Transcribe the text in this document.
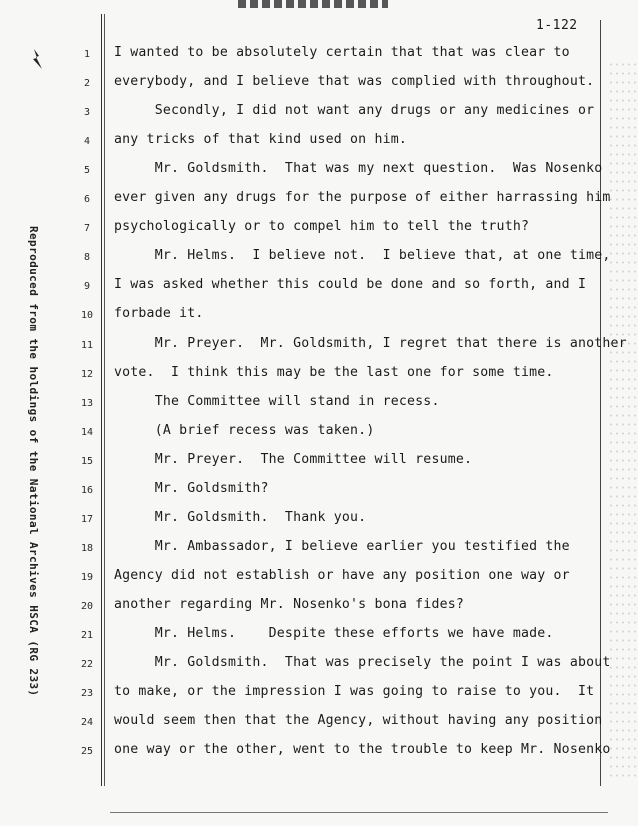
1-122
Reproduced from the holdings of the National Archives HSCA (RG 233)
1	I wanted to be absolutely certain that that was clear to
2	everybody, and I believe that was complied with throughout.
3	Secondly, I did not want any drugs or any medicines or
4	any tricks of that kind used on him.
5	Mr. Goldsmith.  That was my next question.  Was Nosenko
6	ever given any drugs for the purpose of either harrassing him
7	psychologically or to compel him to tell the truth?
8	Mr. Helms.  I believe not.  I believe that, at one time,
9	I was asked whether this could be done and so forth, and I
10	forbade it.
11	Mr. Preyer.  Mr. Goldsmith, I regret that there is another
12	vote.  I think this may be the last one for some time.
13	The Committee will stand in recess.
14	(A brief recess was taken.)
15	Mr. Preyer.  The Committee will resume.
16	Mr. Goldsmith?
17	Mr. Goldsmith.  Thank you.
18	Mr. Ambassador, I believe earlier you testified the
19	Agency did not establish or have any position one way or
20	another regarding Mr. Nosenko's bona fides?
21	Mr. Helms.    Despite these efforts we have made.
22	Mr. Goldsmith.  That was precisely the point I was about
23	to make, or the impression I was going to raise to you.  It
24	would seem then that the Agency, without having any position
25	one way or the other, went to the trouble to keep Mr. Nosenko
